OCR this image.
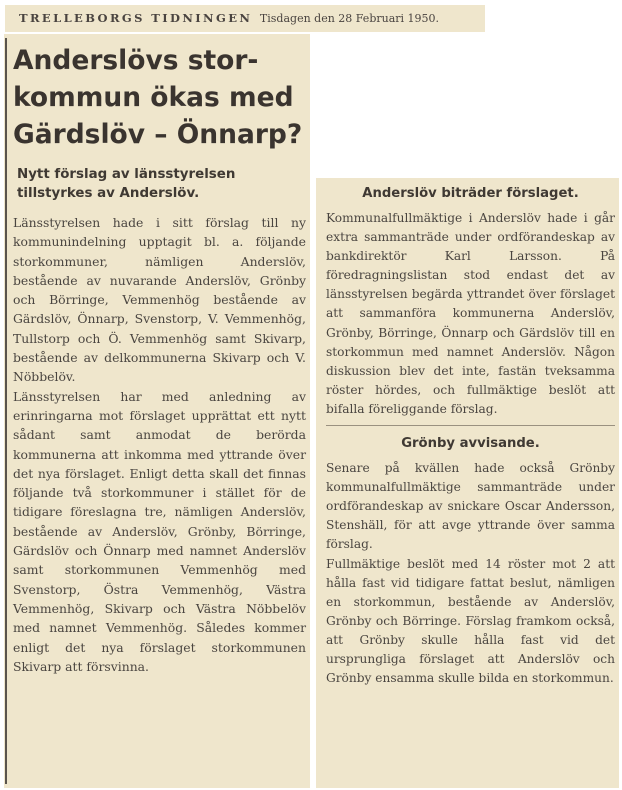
TRELLEBORGS TIDNINGEN Tisdagen den 28 Februari 1950.
Anderslövs stor-
kommun ökas med
Gärdslöv – Önnarp?
Nytt förslag av länsstyrelsen tillstyrkes av Anderslöv.

Länsstyrelsen hade i sitt förslag till ny kommunindelning upptagit bl. a. följande storkommuner, nämligen Anderslöv, bestående av nuvarande Anderslöv, Grönby och Börringe, Vemmenhög bestående av Gärdslöv, Önnarp, Svenstorp, V. Vemmenhög, Tullstorp och Ö. Vemmenhög samt Skivarp, bestående av delkommunerna Skivarp och V. Nöbbelöv.

Länsstyrelsen har med anledning av erinringarna mot förslaget upprättat ett nytt sådant samt anmodat de berörda kommunerna att inkomma med yttrande över det nya förslaget. Enligt detta skall det finnas följande två storkommuner i stället för de tidigare föreslagna tre, nämligen Anderslöv, bestående av Anderslöv, Grönby, Börringe, Gärdslöv och Önnarp med namnet Anderslöv samt storkommunen Vemmenhög med Svenstorp, Östra Vemmenhög, Västra Vemmenhög, Skivarp och Västra Nöbbelöv med namnet Vemmenhög. Således kommer enligt det nya förslaget storkommunen Skivarp att försvinna.

Anderslöv biträder förslaget.

Kommunalfullmäktige i Anderslöv hade i går extra sammanträde under ordförandeskap av bankdirektör Karl Larsson. På föredragningslistan stod endast det av länsstyrelsen begärda yttrandet över förslaget att sammanföra kommunerna Anderslöv, Grönby, Börringe, Önnarp och Gärdslöv till en storkommun med namnet Anderslöv. Någon diskussion blev det inte, fastän tveksamma röster hördes, och fullmäktige beslöt att bifalla föreliggande förslag.

Grönby avvisande.

Senare på kvällen hade också Grönby kommunalfullmäktige sammanträde under ordförandeskap av snickare Oscar Andersson, Stenshäll, för att avge yttrande över samma förslag.

Fullmäktige beslöt med 14 röster mot 2 att hålla fast vid tidigare fattat beslut, nämligen en storkommun, bestående av Anderslöv, Grönby och Börringe. Förslag framkom också, att Grönby skulle hålla fast vid det ursprungliga förslaget att Anderslöv och Grönby ensamma skulle bilda en storkommun.
